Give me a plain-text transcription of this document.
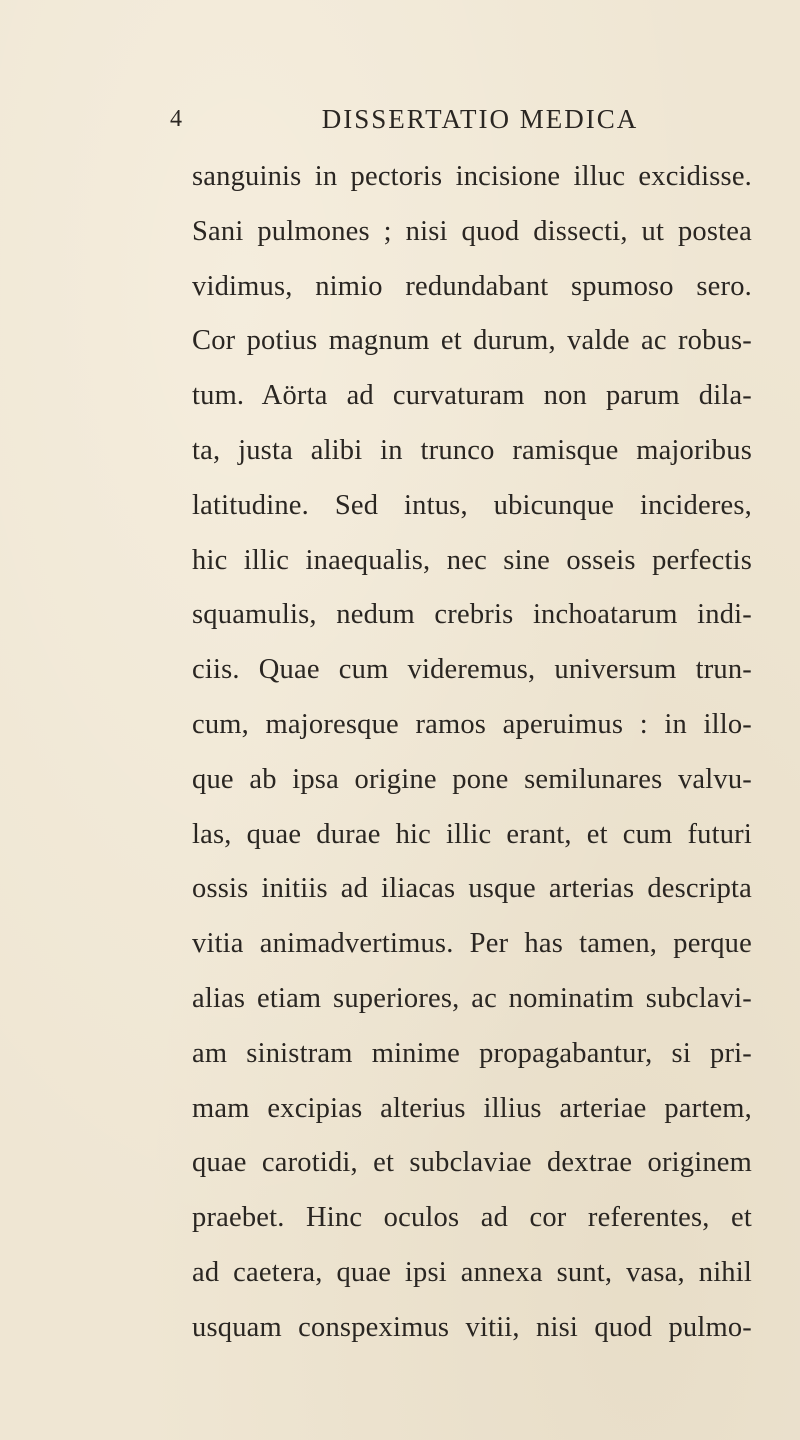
4	DISSERTATIO MEDICA
sanguinis in pectoris incisione illuc excidisse.
Sani pulmones ; nisi quod dissecti, ut postea
vidimus, nimio redundabant spumoso sero.
Cor potius magnum et durum, valde ac robus-
tum. Aörta ad curvaturam non parum dila-
ta, justa alibi in trunco ramisque majoribus
latitudine. Sed intus, ubicunque incideres,
hic illic inaequalis, nec sine osseis perfectis
squamulis, nedum crebris inchoatarum indi-
ciis. Quae cum videremus, universum trun-
cum, majoresque ramos aperuimus : in illo-
que ab ipsa origine pone semilunares valvu-
las, quae durae hic illic erant, et cum futuri
ossis initiis ad iliacas usque arterias descripta
vitia animadvertimus. Per has tamen, perque
alias etiam superiores, ac nominatim subclavi-
am sinistram minime propagabantur, si pri-
mam excipias alterius illius arteriae partem,
quae carotidi, et subclaviae dextrae originem
praebet. Hinc oculos ad cor referentes, et
ad caetera, quae ipsi annexa sunt, vasa, nihil
usquam conspeximus vitii, nisi quod pulmo-
